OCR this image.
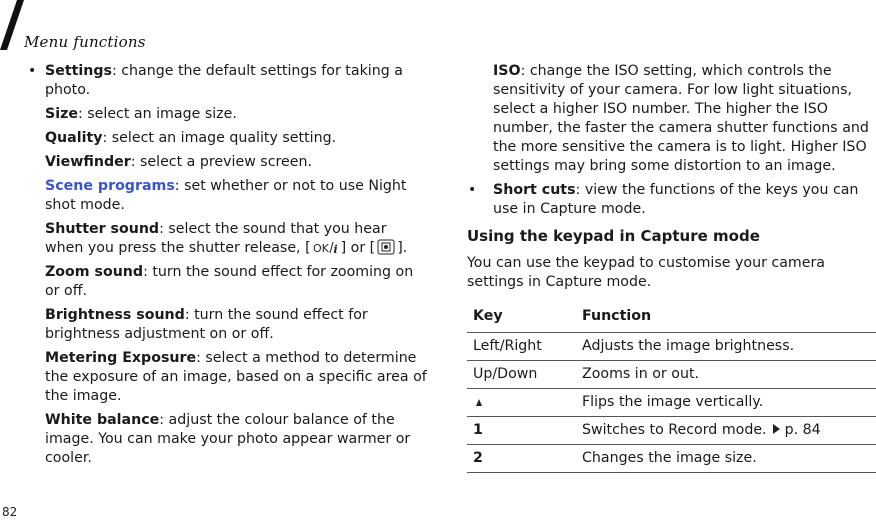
Menu functions
• Settings: change the default settings for taking a photo.
Size: select an image size.
Quality: select an image quality setting.
Viewfinder: select a preview screen.
Scene programs: set whether or not to use Night shot mode.
Shutter sound: select the sound that you hear when you press the shutter release, [ OK i ] or [ ].
Zoom sound: turn the sound effect for zooming on or off.
Brightness sound: turn the sound effect for brightness adjustment on or off.
Metering Exposure: select a method to determine the exposure of an image, based on a specific area of the image.
White balance: adjust the colour balance of the image. You can make your photo appear warmer or cooler.
ISO: change the ISO setting, which controls the sensitivity of your camera. For low light situations, select a higher ISO number. The higher the ISO number, the faster the camera shutter functions and the more sensitive the camera is to light. Higher ISO settings may bring some distortion to an image.
• Short cuts: view the functions of the keys you can use in Capture mode.
Using the keypad in Capture mode
You can use the keypad to customise your camera settings in Capture mode.
Key	Function
Left/Right	Adjusts the image brightness.
Up/Down	Zooms in or out.
	Flips the image vertically.
1	Switches to Record mode. p. 84
2	Changes the image size.
82
